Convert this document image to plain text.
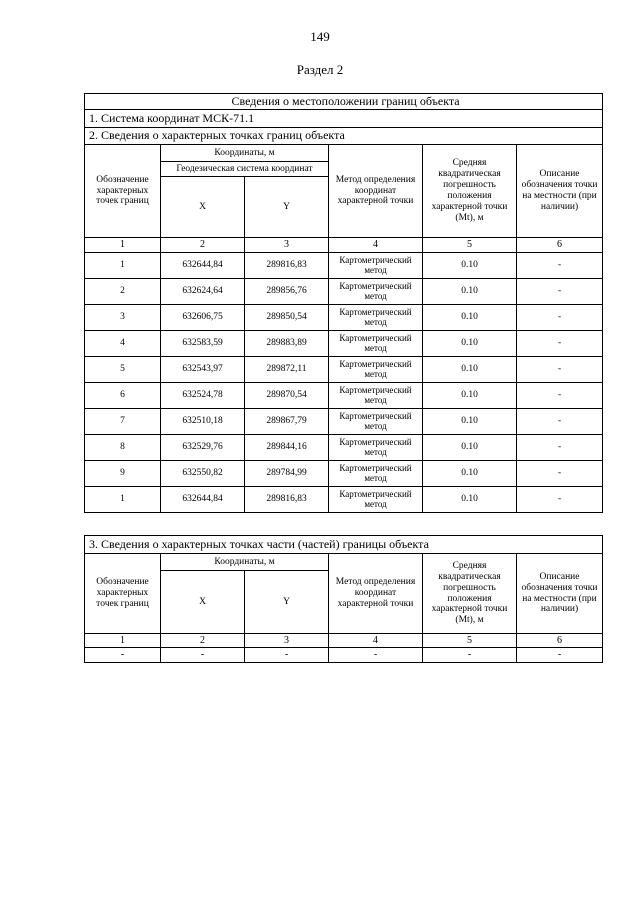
149
Раздел 2
Сведения о местоположении границ объекта					
1. Система координат МСК-71.1					
2. Сведения о характерных точках границ объекта					
Обозначение характерных точек границ	Координаты, м		Метод определения координат характерной точки	Средняя квадратическая погрешность положения характерной точки (Mt), м	Описание обозначения точки на местности (при наличии)
	Геодезическая система координат				
	X	Y			
1	2	3	4	5	6
1	632644,84	289816,83	Картометрический метод	0.10	-
2	632624,64	289856,76	Картометрический метод	0.10	-
3	632606,75	289850,54	Картометрический метод	0.10	-
4	632583,59	289883,89	Картометрический метод	0.10	-
5	632543,97	289872,11	Картометрический метод	0.10	-
6	632524,78	289870,54	Картометрический метод	0.10	-
7	632510,18	289867,79	Картометрический метод	0.10	-
8	632529,76	289844,16	Картометрический метод	0.10	-
9	632550,82	289784,99	Картометрический метод	0.10	-
1	632644,84	289816,83	Картометрический метод	0.10	-
3. Сведения о характерных точках части (частей) границы объекта					
Обозначение характерных точек границ	Координаты, м		Метод определения координат характерной точки	Средняя квадратическая погрешность положения характерной точки (Mt), м	Описание обозначения точки на местности (при наличии)
	X	Y			
1	2	3	4	5	6
-	-	-	-	-	-
